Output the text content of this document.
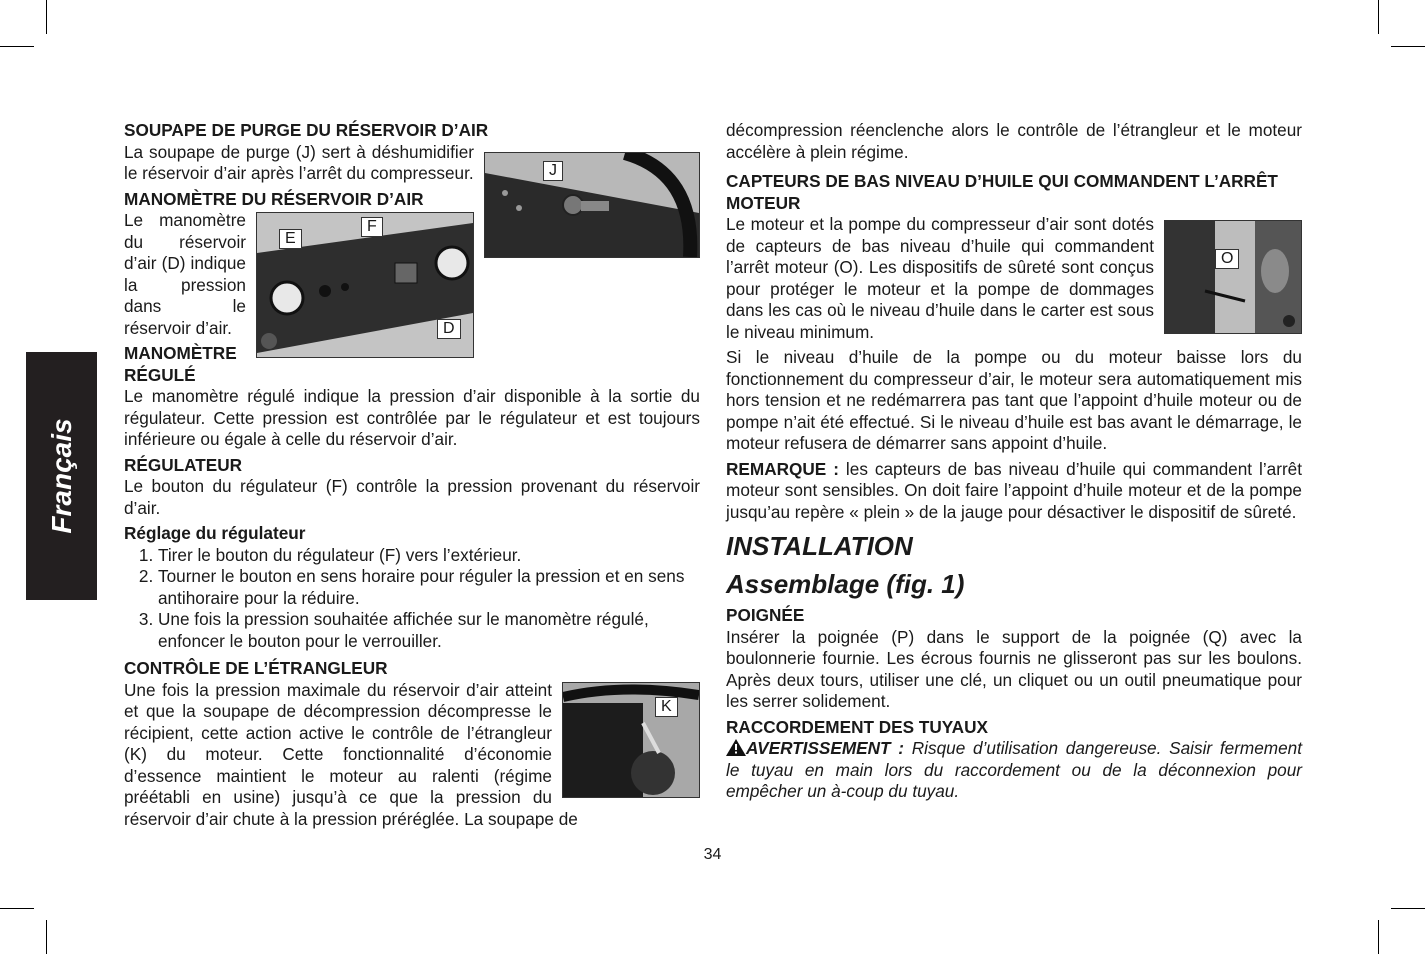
Français
SOUPAPE DE PURGE DU RÉSERVOIR D’AIR
J

La soupape de purge (J) sert à déshumidifier le réservoir d’air après l’arrêt du compresseur.

MANOMÈTRE DU RÉSERVOIR D’AIR
E
F
D

Le manomètre du réservoir d’air (D) indique la pression dans le réservoir d’air.

MANOMÈTRE RÉGULÉ

Le manomètre régulé indique la pression d’air disponible à la sortie du régulateur. Cette pression est contrôlée par le régulateur et est toujours inférieure ou égale à celle du réservoir d’air.

RÉGULATEUR

Le bouton du régulateur (F) contrôle la pression provenant du réservoir d’air.

Réglage du régulateur
1. Tirer le bouton du régulateur (F) vers l’extérieur.
2. Tourner le bouton en sens horaire pour réguler la pression et en sens antihoraire pour la réduire.
3. Une fois la pression souhaitée affichée sur le manomètre régulé, enfoncer le bouton pour le verrouiller.
CONTRÔLE DE L’ÉTRANGLEUR
K

Une fois la pression maximale du réservoir d’air atteint et que la soupape de décompression décompresse le récipient, cette action active le contrôle de l’étrangleur (K) du moteur. Cette fonctionnalité d’économie d’essence maintient le moteur au ralenti (régime préétabli en usine) jusqu’à ce que la pression du réservoir d’air chute à la pression préréglée. La soupape de

décompression réenclenche alors le contrôle de l’étrangleur et le moteur accélère à plein régime.

CAPTEURS DE BAS NIVEAU D’HUILE QUI COMMANDENT L’ARRÊT MOTEUR
O

Le moteur et la pompe du compresseur d’air sont dotés de capteurs de bas niveau d’huile qui commandent l’arrêt moteur (O). Les dispositifs de sûreté sont conçus pour protéger le moteur et la pompe de dommages dans les cas où le niveau d’huile dans le carter est sous le niveau minimum.

Si le niveau d’huile de la pompe ou du moteur baisse lors du fonctionnement du compresseur d’air, le moteur sera automatiquement mis hors tension et ne redémarrera pas tant que l’appoint d’huile moteur ou de pompe n’ait été effectué. Si le niveau d’huile est bas avant le démarrage, le moteur refusera de démarrer sans appoint d’huile.

REMARQUE : les capteurs de bas niveau d’huile qui commandent l’arrêt moteur sont sensibles. On doit faire l’appoint d’huile moteur et de la pompe jusqu’au repère « plein » de la jauge pour désactiver le dispositif de sûreté.

INSTALLATION
Assemblage (fig. 1)
POIGNÉE

Insérer la poignée (P) dans le support de la poignée (Q) avec la boulonnerie fournie. Les écrous fournis ne glisseront pas sur les boulons. Après deux tours, utiliser une clé, un cliquet ou un outil pneumatique pour les serrer solidement.

RACCORDEMENT DES TUYAUX

AVERTISSEMENT : Risque d’utilisation dangereuse. Saisir fermement le tuyau en main lors du raccordement ou de la déconnexion pour empêcher un à-coup du tuyau.

34
